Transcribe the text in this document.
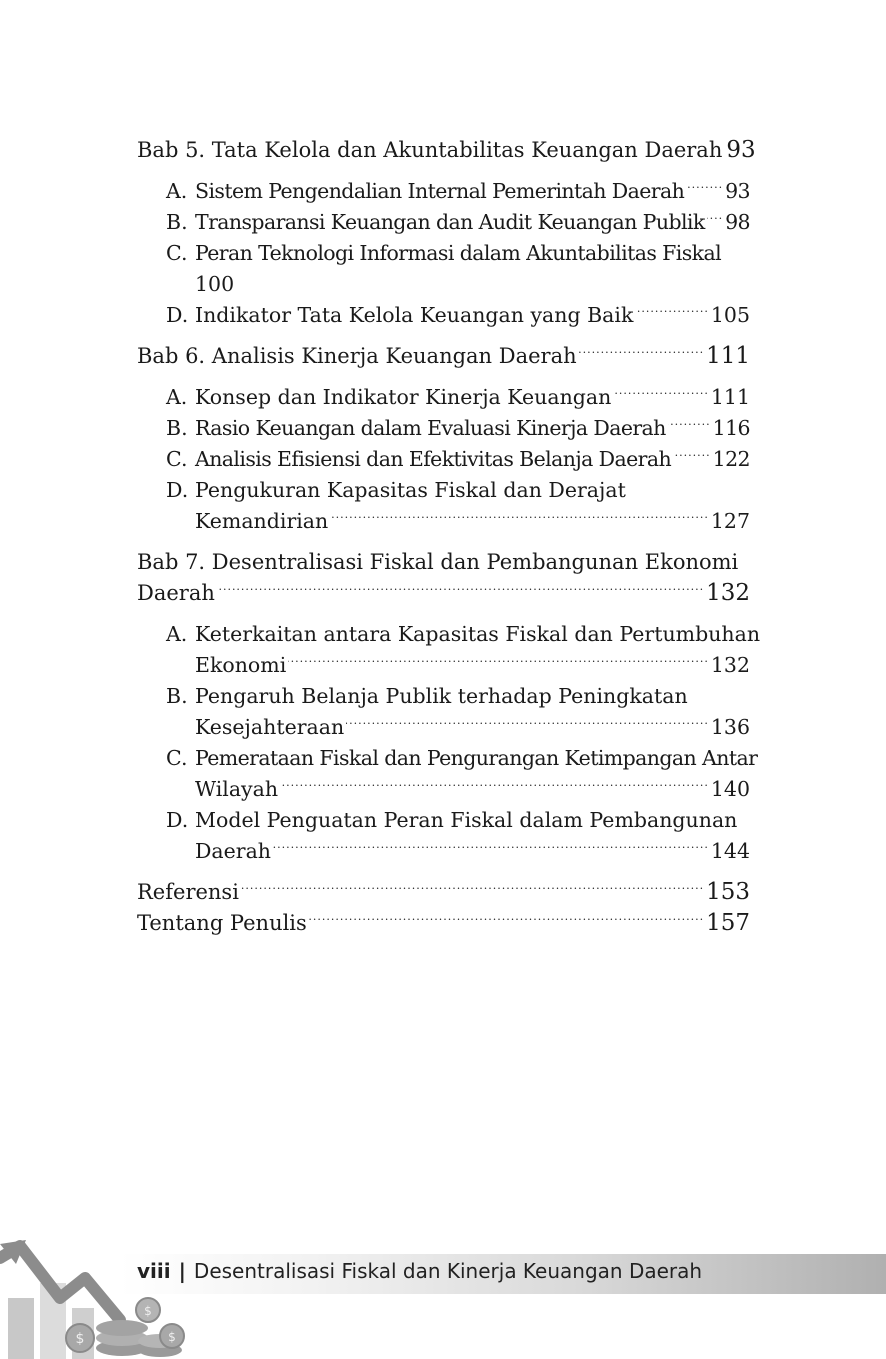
Bab 5. Tata Kelola dan Akuntabilitas Keuangan Daerah 93
A. Sistem Pengendalian Internal Pemerintah Daerah ..... 93
B. Transparansi Keuangan dan Audit Keuangan Publik ..... 98
C. Peran Teknologi Informasi dalam Akuntabilitas Fiskal
100
D. Indikator Tata Kelola Keuangan yang Baik .....	105
Bab 6. Analisis Kinerja Keuangan Daerah .....	111
A. Konsep dan Indikator Kinerja Keuangan .....	111
B. Rasio Keuangan dalam Evaluasi Kinerja Daerah ..... 116
C. Analisis Efisiensi dan Efektivitas Belanja Daerah ..... 122
D. Pengukuran Kapasitas Fiskal dan Derajat
Kemandirian .....	127
Bab 7. Desentralisasi Fiskal dan Pembangunan Ekonomi
Daerah .....	132
A. Keterkaitan antara Kapasitas Fiskal dan Pertumbuhan
Ekonomi .....	132
B. Pengaruh Belanja Publik terhadap Peningkatan
Kesejahteraan .....	136
C. Pemerataan Fiskal dan Pengurangan Ketimpangan Antar
Wilayah .....	140
D. Model Penguatan Peran Fiskal dalam Pembangunan
Daerah .....	144
Referensi .....	153
Tentang Penulis .....	157
viii | Desentralisasi Fiskal dan Kinerja Keuangan Daerah
$
$
$
